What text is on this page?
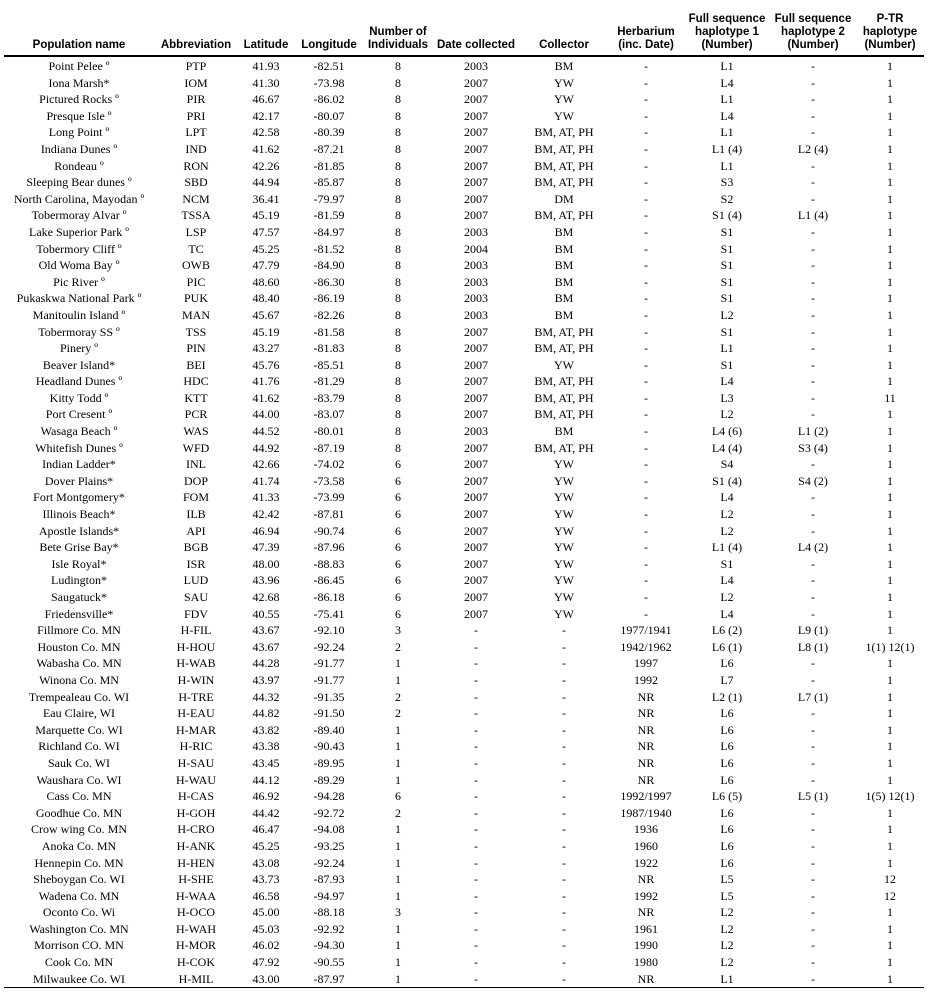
Population name	Abbreviation	Latitude	Longitude	Number of Individuals	Date collected	Collector	Herbarium (inc. Date)	Full sequence haplotype 1 (Number)	Full sequence haplotype 2 (Number)	P-TR haplotype (Number)
Point Pelee º	PTP	41.93	-82.51	8	2003	BM	-	L1	-	1
Iona Marsh*	IOM	41.30	-73.98	8	2007	YW	-	L4	-	1
Pictured Rocks º	PIR	46.67	-86.02	8	2007	YW	-	L1	-	1
Presque Isle º	PRI	42.17	-80.07	8	2007	YW	-	L4	-	1
Long Point º	LPT	42.58	-80.39	8	2007	BM, AT, PH	-	L1	-	1
Indiana Dunes º	IND	41.62	-87.21	8	2007	BM, AT, PH	-	L1 (4)	L2 (4)	1
Rondeau º	RON	42.26	-81.85	8	2007	BM, AT, PH	-	L1	-	1
Sleeping Bear dunes º	SBD	44.94	-85.87	8	2007	BM, AT, PH	-	S3	-	1
North Carolina, Mayodan º	NCM	36.41	-79.97	8	2007	DM	-	S2	-	1
Tobermoray Alvar º	TSSA	45.19	-81.59	8	2007	BM, AT, PH	-	S1 (4)	L1 (4)	1
Lake Superior Park º	LSP	47.57	-84.97	8	2003	BM	-	S1	-	1
Tobermory Cliff º	TC	45.25	-81.52	8	2004	BM	-	S1	-	1
Old Woma Bay º	OWB	47.79	-84.90	8	2003	BM	-	S1	-	1
Pic River º	PIC	48.60	-86.30	8	2003	BM	-	S1	-	1
Pukaskwa National Park º	PUK	48.40	-86.19	8	2003	BM	-	S1	-	1
Manitoulin Island º	MAN	45.67	-82.26	8	2003	BM	-	L2	-	1
Tobermoray SS º	TSS	45.19	-81.58	8	2007	BM, AT, PH	-	S1	-	1
Pinery º	PIN	43.27	-81.83	8	2007	BM, AT, PH	-	L1	-	1
Beaver Island*	BEI	45.76	-85.51	8	2007	YW	-	S1	-	1
Headland Dunes º	HDC	41.76	-81.29	8	2007	BM, AT, PH	-	L4	-	1
Kitty Todd º	KTT	41.62	-83.79	8	2007	BM, AT, PH	-	L3	-	11
Port Cresent º	PCR	44.00	-83.07	8	2007	BM, AT, PH	-	L2	-	1
Wasaga Beach º	WAS	44.52	-80.01	8	2003	BM	-	L4 (6)	L1 (2)	1
Whitefish Dunes º	WFD	44.92	-87.19	8	2007	BM, AT, PH	-	L4 (4)	S3 (4)	1
Indian Ladder*	INL	42.66	-74.02	6	2007	YW	-	S4	-	1
Dover Plains*	DOP	41.74	-73.58	6	2007	YW	-	S1 (4)	S4 (2)	1
Fort Montgomery*	FOM	41.33	-73.99	6	2007	YW	-	L4	-	1
Illinois Beach*	ILB	42.42	-87.81	6	2007	YW	-	L2	-	1
Apostle Islands*	API	46.94	-90.74	6	2007	YW	-	L2	-	1
Bete Grise Bay*	BGB	47.39	-87.96	6	2007	YW	-	L1 (4)	L4 (2)	1
Isle Royal*	ISR	48.00	-88.83	6	2007	YW	-	S1	-	1
Ludington*	LUD	43.96	-86.45	6	2007	YW	-	L4	-	1
Saugatuck*	SAU	42.68	-86.18	6	2007	YW	-	L2	-	1
Friedensville*	FDV	40.55	-75.41	6	2007	YW	-	L4	-	1
Fillmore Co. MN	H-FIL	43.67	-92.10	3	-	-	1977/1941	L6 (2)	L9 (1)	1
Houston Co. MN	H-HOU	43.67	-92.24	2	-	-	1942/1962	L6 (1)	L8 (1)	1(1) 12(1)
Wabasha Co. MN	H-WAB	44.28	-91.77	1	-	-	1997	L6	-	1
Winona Co. MN	H-WIN	43.97	-91.77	1	-	-	1992	L7	-	1
Trempealeau Co. WI	H-TRE	44.32	-91.35	2	-	-	NR	L2 (1)	L7 (1)	1
Eau Claire, WI	H-EAU	44.82	-91.50	2	-	-	NR	L6	-	1
Marquette Co. WI	H-MAR	43.82	-89.40	1	-	-	NR	L6	-	1
Richland Co. WI	H-RIC	43.38	-90.43	1	-	-	NR	L6	-	1
Sauk Co. WI	H-SAU	43.45	-89.95	1	-	-	NR	L6	-	1
Waushara Co. WI	H-WAU	44.12	-89.29	1	-	-	NR	L6	-	1
Cass Co. MN	H-CAS	46.92	-94.28	6	-	-	1992/1997	L6 (5)	L5 (1)	1(5) 12(1)
Goodhue Co. MN	H-GOH	44.42	-92.72	2	-	-	1987/1940	L6	-	1
Crow wing Co. MN	H-CRO	46.47	-94.08	1	-	-	1936	L6	-	1
Anoka Co. MN	H-ANK	45.25	-93.25	1	-	-	1960	L6	-	1
Hennepin Co. MN	H-HEN	43.08	-92.24	1	-	-	1922	L6	-	1
Sheboygan Co. WI	H-SHE	43.73	-87.93	1	-	-	NR	L5	-	12
Wadena Co. MN	H-WAA	46.58	-94.97	1	-	-	1992	L5	-	12
Oconto Co. Wi	H-OCO	45.00	-88.18	3	-	-	NR	L2	-	1
Washington Co. MN	H-WAH	45.03	-92.92	1	-	-	1961	L2	-	1
Morrison CO. MN	H-MOR	46.02	-94.30	1	-	-	1990	L2	-	1
Cook Co. MN	H-COK	47.92	-90.55	1	-	-	1980	L2	-	1
Milwaukee Co. WI	H-MIL	43.00	-87.97	1	-	-	NR	L1	-	1
